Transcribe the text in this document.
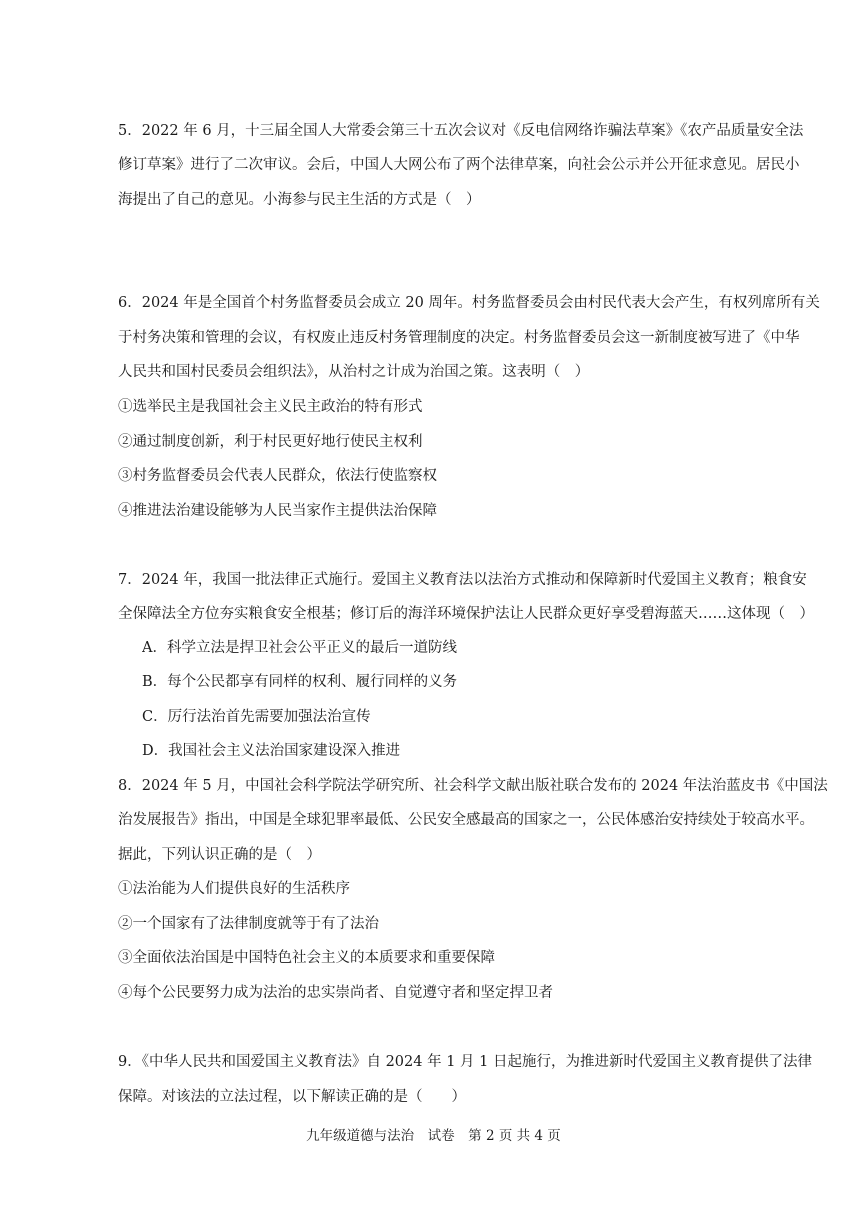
5．2022 年 6 月，十三届全国人大常委会第三十五次会议对《反电信网络诈骗法草案》《农产品质量安全法
修订草案》进行了二次审议。会后，中国人大网公布了两个法律草案，向社会公示并公开征求意见。居民小
海提出了自己的意见。小海参与民主生活的方式是（　）
6．2024 年是全国首个村务监督委员会成立 20 周年。村务监督委员会由村民代表大会产生，有权列席所有关
于村务决策和管理的会议，有权废止违反村务管理制度的决定。村务监督委员会这一新制度被写进了《中华
人民共和国村民委员会组织法》，从治村之计成为治国之策。这表明（　）
①选举民主是我国社会主义民主政治的特有形式
②通过制度创新，利于村民更好地行使民主权利
③村务监督委员会代表人民群众，依法行使监察权
④推进法治建设能够为人民当家作主提供法治保障
7．2024 年，我国一批法律正式施行。爱国主义教育法以法治方式推动和保障新时代爱国主义教育；粮食安
全保障法全方位夯实粮食安全根基；修订后的海洋环境保护法让人民群众更好享受碧海蓝天……这体现（　）
A．科学立法是捍卫社会公平正义的最后一道防线
B．每个公民都享有同样的权利、履行同样的义务
C．厉行法治首先需要加强法治宣传
D．我国社会主义法治国家建设深入推进
8．2024 年 5 月，中国社会科学院法学研究所、社会科学文献出版社联合发布的 2024 年法治蓝皮书《中国法
治发展报告》指出，中国是全球犯罪率最低、公民安全感最高的国家之一，公民体感治安持续处于较高水平。
据此，下列认识正确的是（　）
①法治能为人们提供良好的生活秩序
②一个国家有了法律制度就等于有了法治
③全面依法治国是中国特色社会主义的本质要求和重要保障
④每个公民要努力成为法治的忠实崇尚者、自觉遵守者和坚定捍卫者
9．《中华人民共和国爱国主义教育法》自 2024 年 1 月 1 日起施行，为推进新时代爱国主义教育提供了法律
保障。对该法的立法过程，以下解读正确的是（　　）
九年级道德与法治　试卷　第 2 页 共 4 页
